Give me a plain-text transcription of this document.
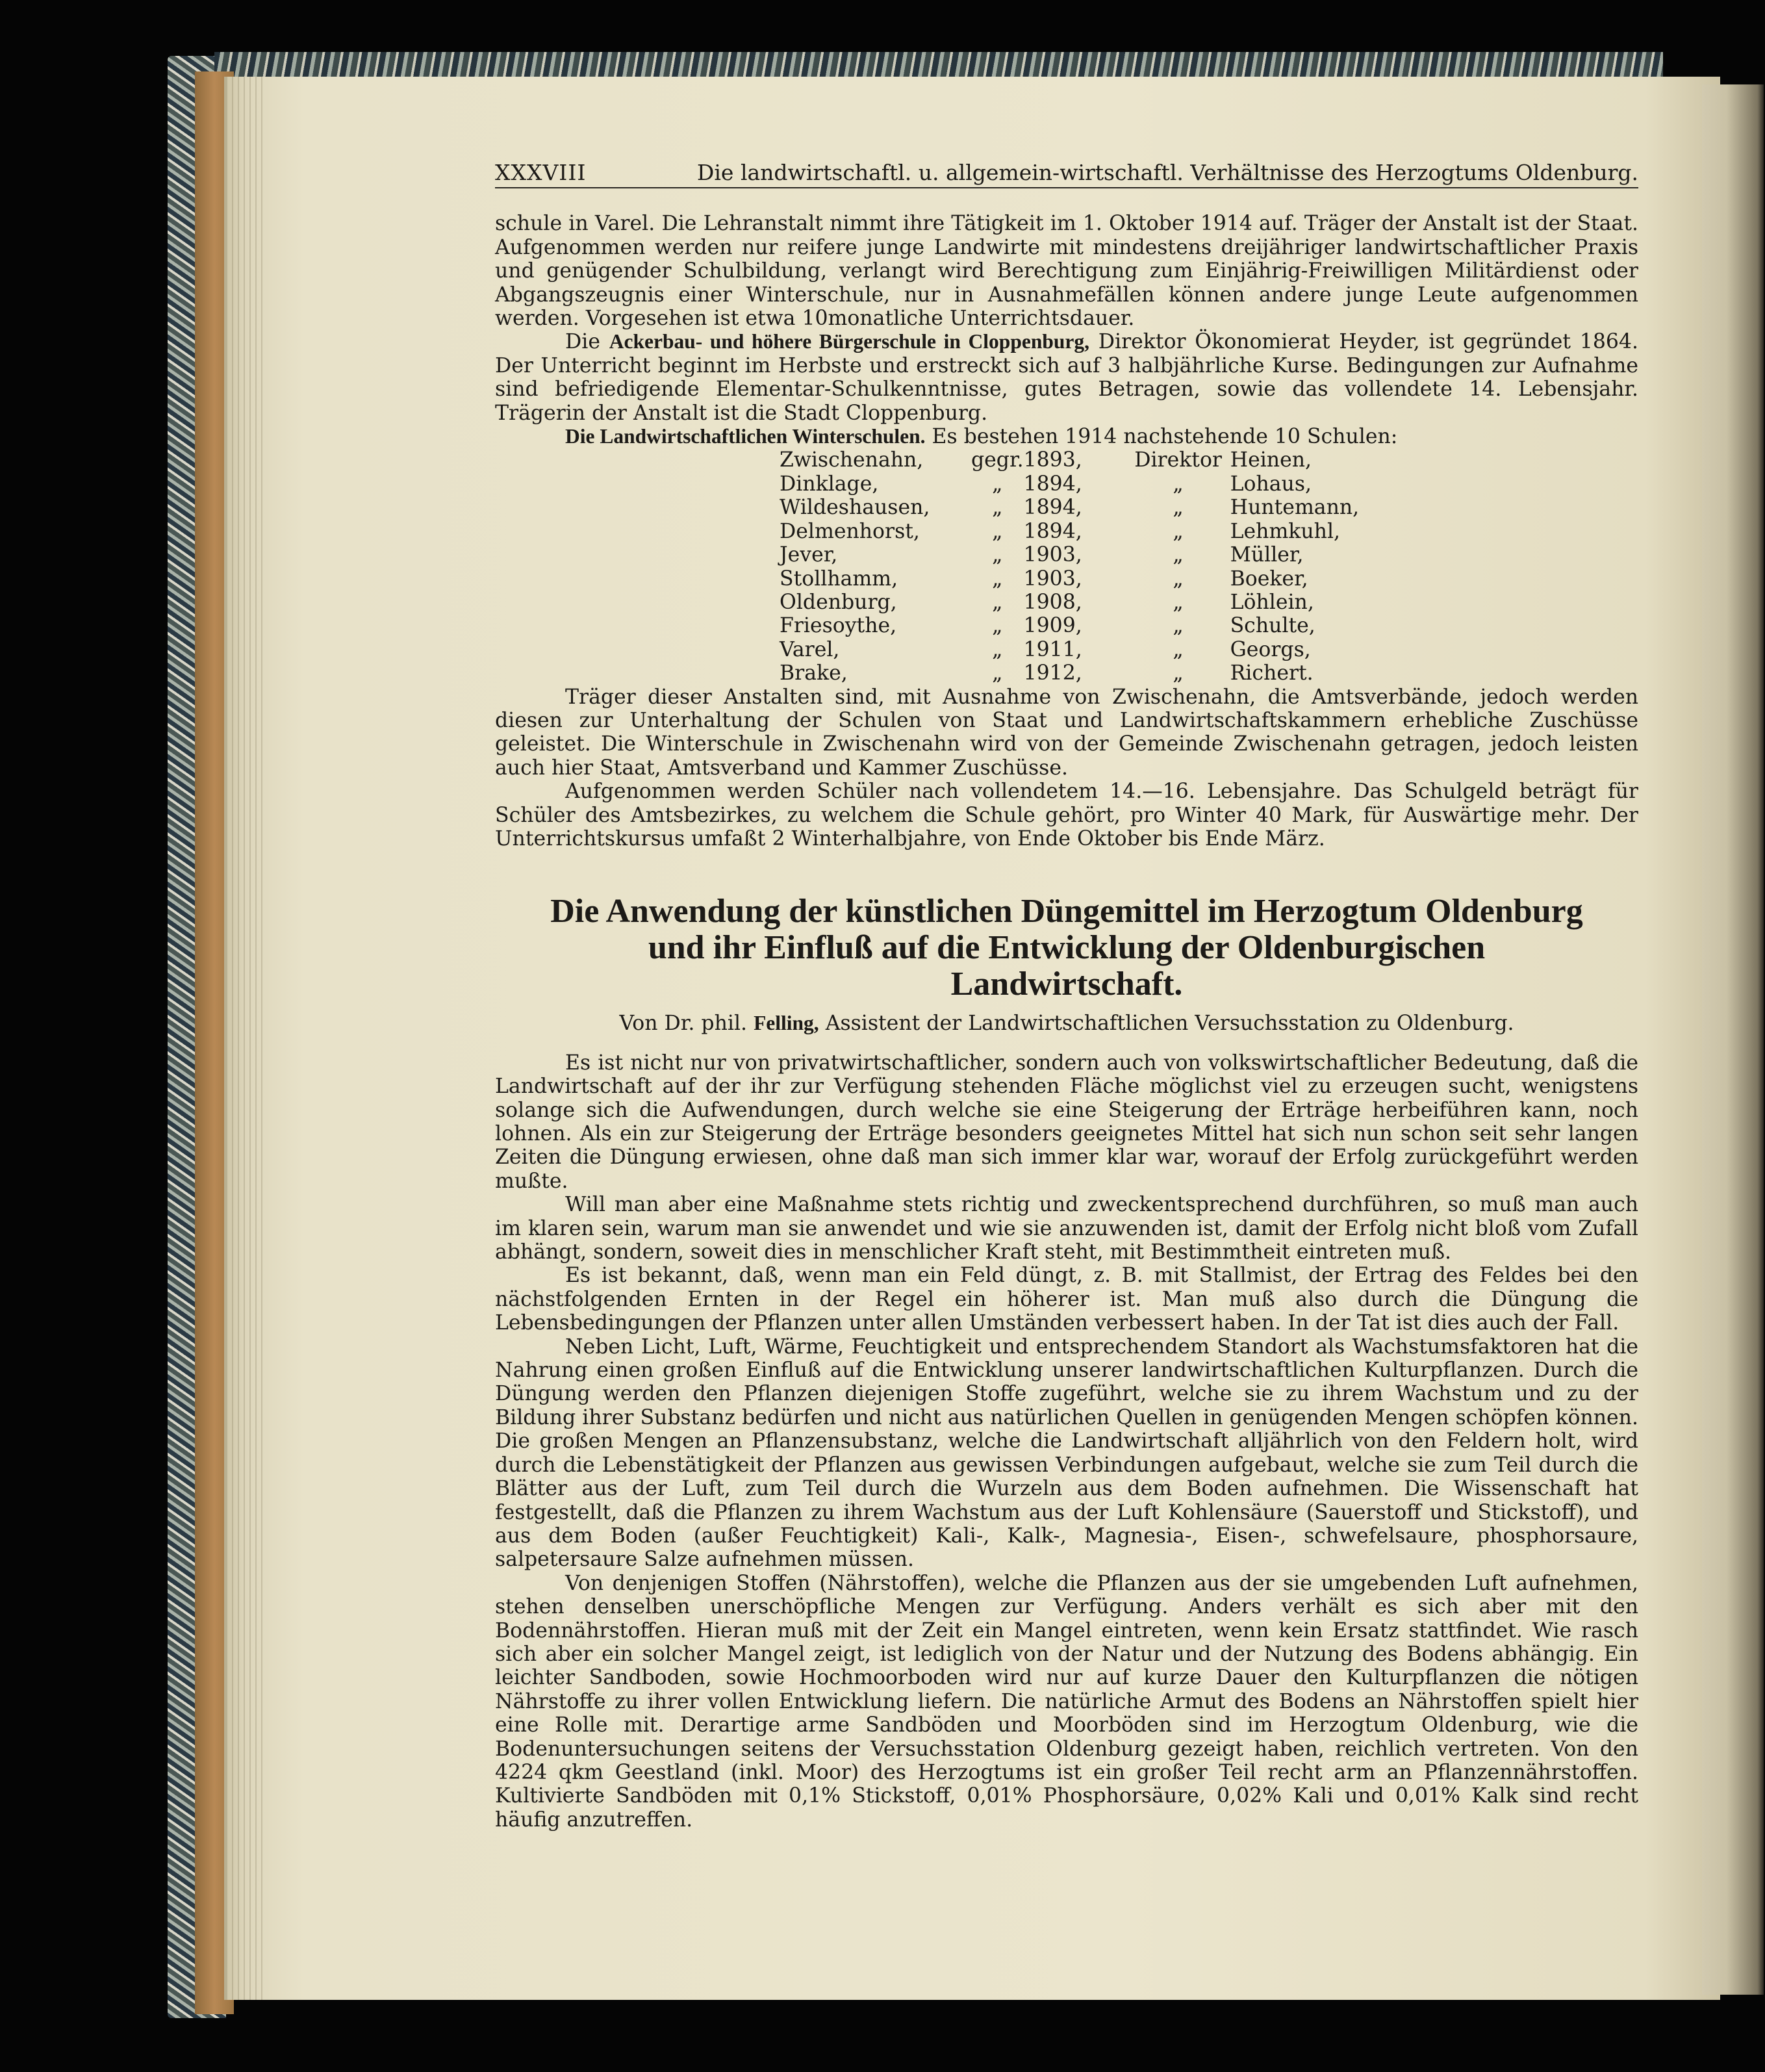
XXXVIII	Die landwirtschaftl. u. allgemein-wirtschaftl. Verhältnisse des Herzogtums Oldenburg.

schule in Varel. Die Lehranstalt nimmt ihre Tätigkeit im 1. Oktober 1914 auf. Träger der Anstalt ist der Staat. Aufgenommen werden nur reifere junge Landwirte mit mindestens dreijähriger landwirtschaftlicher Praxis und genügender Schulbildung, verlangt wird Berechtigung zum Einjährig-Freiwilligen Militärdienst oder Abgangszeugnis einer Winterschule, nur in Ausnahmefällen können andere junge Leute aufgenommen werden. Vorgesehen ist etwa 10monatliche Unterrichtsdauer.

Die Ackerbau- und höhere Bürgerschule in Cloppenburg, Direktor Ökonomierat Heyder, ist gegründet 1864. Der Unterricht beginnt im Herbste und erstreckt sich auf 3 halbjährliche Kurse. Bedingungen zur Aufnahme sind befriedigende Elementar-Schulkenntnisse, gutes Betragen, sowie das vollendete 14. Lebensjahr. Trägerin der Anstalt ist die Stadt Cloppenburg.

Die Landwirtschaftlichen Winterschulen. Es bestehen 1914 nachstehende 10 Schulen:

Zwischenahn,	gegr.	1893,	Direktor	Heinen,
Dinklage,	„	1894,	„	Lohaus,
Wildeshausen,	„	1894,	„	Huntemann,
Delmenhorst,	„	1894,	„	Lehmkuhl,
Jever,	„	1903,	„	Müller,
Stollhamm,	„	1903,	„	Boeker,
Oldenburg,	„	1908,	„	Löhlein,
Friesoythe,	„	1909,	„	Schulte,
Varel,	„	1911,	„	Georgs,
Brake,	„	1912,	„	Richert.

Träger dieser Anstalten sind, mit Ausnahme von Zwischenahn, die Amtsverbände, jedoch werden diesen zur Unterhaltung der Schulen von Staat und Landwirtschaftskammern erhebliche Zuschüsse geleistet. Die Winterschule in Zwischenahn wird von der Gemeinde Zwischenahn getragen, jedoch leisten auch hier Staat, Amtsverband und Kammer Zuschüsse.

Aufgenommen werden Schüler nach vollendetem 14.—16. Lebensjahre. Das Schulgeld beträgt für Schüler des Amtsbezirkes, zu welchem die Schule gehört, pro Winter 40 Mark, für Auswärtige mehr. Der Unterrichtskursus umfaßt 2 Winterhalbjahre, von Ende Oktober bis Ende März.

Die Anwendung der künstlichen Düngemittel im Herzogtum Oldenburg
und ihr Einfluß auf die Entwicklung der Oldenburgischen
Landwirtschaft.
Von Dr. phil. Felling, Assistent der Landwirtschaftlichen Versuchsstation zu Oldenburg.

Es ist nicht nur von privatwirtschaftlicher, sondern auch von volkswirtschaftlicher Bedeutung, daß die Landwirtschaft auf der ihr zur Verfügung stehenden Fläche möglichst viel zu erzeugen sucht, wenigstens solange sich die Aufwendungen, durch welche sie eine Steigerung der Erträge herbeiführen kann, noch lohnen. Als ein zur Steigerung der Erträge besonders geeignetes Mittel hat sich nun schon seit sehr langen Zeiten die Düngung erwiesen, ohne daß man sich immer klar war, worauf der Erfolg zurückgeführt werden mußte.

Will man aber eine Maßnahme stets richtig und zweckentsprechend durchführen, so muß man auch im klaren sein, warum man sie anwendet und wie sie anzuwenden ist, damit der Erfolg nicht bloß vom Zufall abhängt, sondern, soweit dies in menschlicher Kraft steht, mit Bestimmtheit eintreten muß.

Es ist bekannt, daß, wenn man ein Feld düngt, z. B. mit Stallmist, der Ertrag des Feldes bei den nächstfolgenden Ernten in der Regel ein höherer ist. Man muß also durch die Düngung die Lebensbedingungen der Pflanzen unter allen Umständen verbessert haben. In der Tat ist dies auch der Fall.

Neben Licht, Luft, Wärme, Feuchtigkeit und entsprechendem Standort als Wachstumsfaktoren hat die Nahrung einen großen Einfluß auf die Entwicklung unserer landwirtschaftlichen Kulturpflanzen. Durch die Düngung werden den Pflanzen diejenigen Stoffe zugeführt, welche sie zu ihrem Wachstum und zu der Bildung ihrer Substanz bedürfen und nicht aus natürlichen Quellen in genügenden Mengen schöpfen können. Die großen Mengen an Pflanzensubstanz, welche die Landwirtschaft alljährlich von den Feldern holt, wird durch die Lebenstätigkeit der Pflanzen aus gewissen Verbindungen aufgebaut, welche sie zum Teil durch die Blätter aus der Luft, zum Teil durch die Wurzeln aus dem Boden aufnehmen. Die Wissenschaft hat festgestellt, daß die Pflanzen zu ihrem Wachstum aus der Luft Kohlensäure (Sauerstoff und Stickstoff), und aus dem Boden (außer Feuchtigkeit) Kali-, Kalk-, Magnesia-, Eisen-, schwefelsaure, phosphorsaure, salpetersaure Salze aufnehmen müssen.

Von denjenigen Stoffen (Nährstoffen), welche die Pflanzen aus der sie umgebenden Luft aufnehmen, stehen denselben unerschöpfliche Mengen zur Verfügung. Anders verhält es sich aber mit den Bodennährstoffen. Hieran muß mit der Zeit ein Mangel eintreten, wenn kein Ersatz stattfindet. Wie rasch sich aber ein solcher Mangel zeigt, ist lediglich von der Natur und der Nutzung des Bodens abhängig. Ein leichter Sandboden, sowie Hochmoorboden wird nur auf kurze Dauer den Kulturpflanzen die nötigen Nährstoffe zu ihrer vollen Entwicklung liefern. Die natürliche Armut des Bodens an Nährstoffen spielt hier eine Rolle mit. Derartige arme Sandböden und Moorböden sind im Herzogtum Oldenburg, wie die Bodenuntersuchungen seitens der Versuchsstation Oldenburg gezeigt haben, reichlich vertreten. Von den 4224 qkm Geestland (inkl. Moor) des Herzogtums ist ein großer Teil recht arm an Pflanzennährstoffen. Kultivierte Sandböden mit 0,1% Stickstoff, 0,01% Phosphorsäure, 0,02% Kali und 0,01% Kalk sind recht häufig anzutreffen.
